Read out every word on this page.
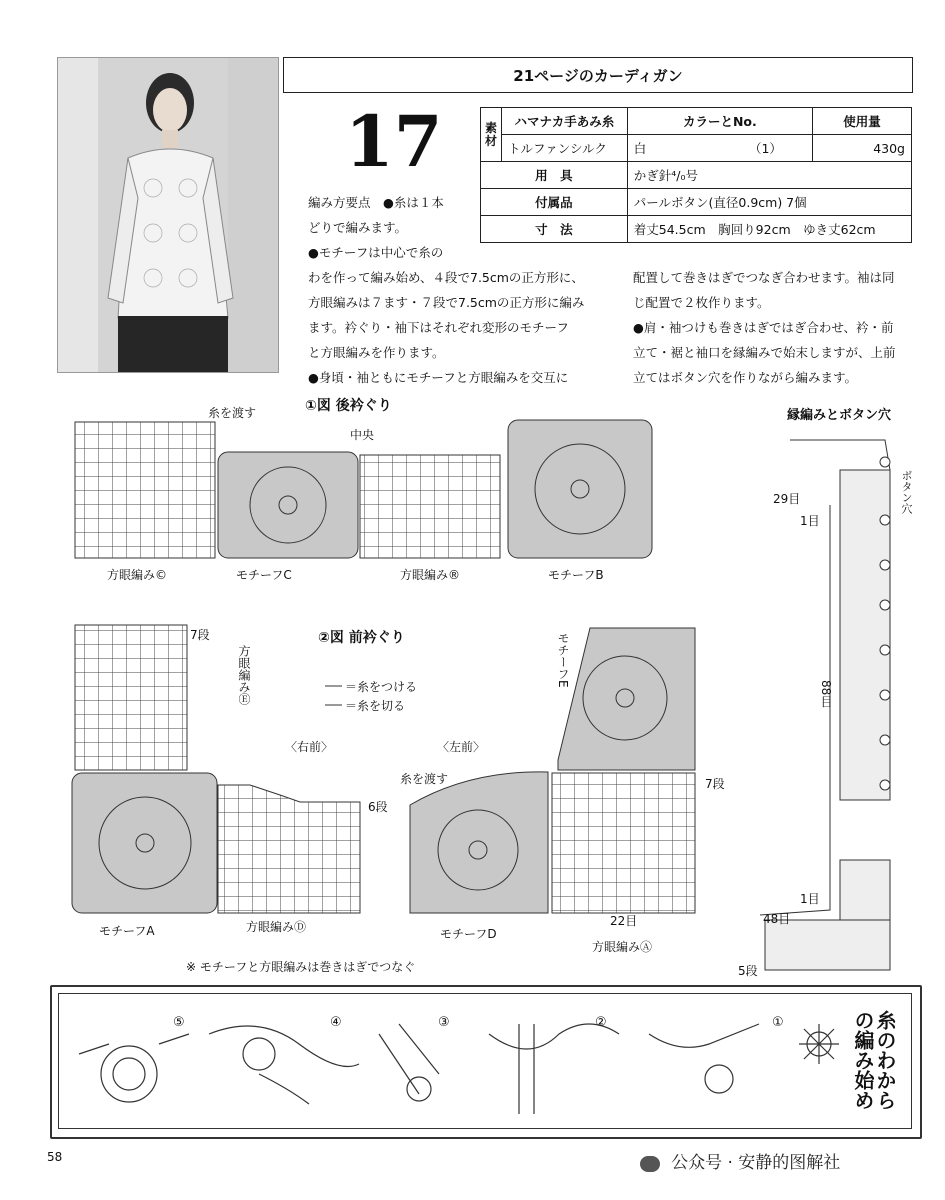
21ページのカーディガン
17	素材	ハマナカ手あみ糸	カラーとNo.		使用量
	トルファンシルク	白	（1）	430g
用　具		かぎ針⁴/₀号		
付属品		パールボタン(直径0.9cm) 7個		
寸　法		着丈54.5cm　胸回り92cm　ゆき丈62cm		
編み方要点　●糸は１本
どりで編みます。
●モチーフは中心で糸の
わを作って編み始め、４段で7.5cmの正方形に、
方眼編みは７ます・７段で7.5cmの正方形に編み
ます。衿ぐり・袖下はそれぞれ変形のモチーフ
と方眼編みを作ります。
●身頃・袖ともにモチーフと方眼編みを交互に
配置して巻きはぎでつなぎ合わせます。袖は同
じ配置で２枚作ります。
●肩・袖つけも巻きはぎではぎ合わせ、衿・前
立て・裾と袖口を縁編みで始末しますが、上前
立てはボタン穴を作りながら編みます。
①図 後衿ぐり
糸を渡す
中央
方眼編み©	モチーフC	方眼編み®	モチーフB
②図 前衿ぐり
＝糸をつける
＝糸を切る
〈右前〉	〈左前〉
方眼編みⒺ	モチーフE
糸を渡す
7段
6段
7段
モチーフA	方眼編みⒹ	モチーフD
22目
方眼編みⒶ
縁編みとボタン穴
ボタン穴
29目
1目
88目
1目
48目
5段
※ モチーフと方眼編みは巻きはぎでつなぐ
⑤	④	③	②	①	糸のわからの編み始め
58	公众号 · 安静的图解社
